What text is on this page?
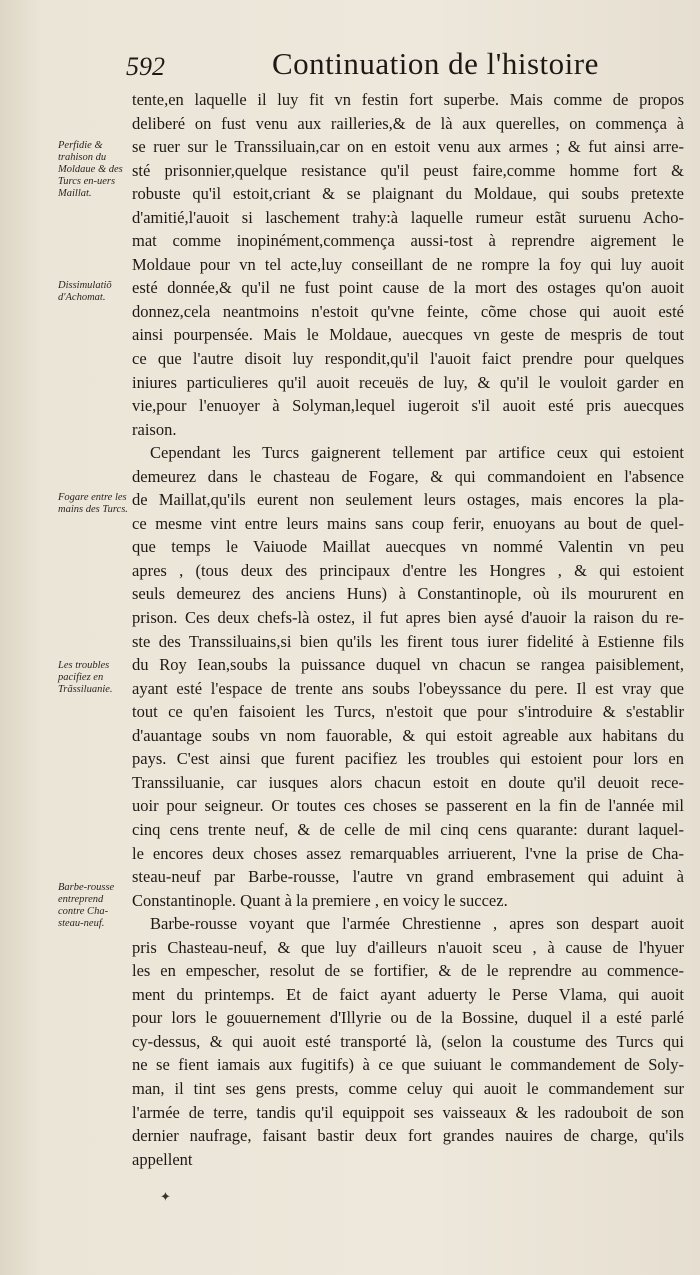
592	Continuation de l'histoire
Perfidie & trahison du Moldaue & des Turcs en-uers Maillat.
Dissimulatiõ d'Achomat.
Fogare entre les mains des Turcs.
Les troubles pacifiez en Trãssiluanie.
Barbe-rousse entreprend contre Cha-steau-neuf.
tente,en laquelle il luy fit vn festin fort superbe. Mais comme de propos
deliberé on fust venu aux railleries,& de là aux querelles, on commença à
se ruer sur le Transsiluain,car on en estoit venu aux armes ; & fut ainsi arre-
sté prisonnier,quelque resistance qu'il peust faire,comme homme fort &
robuste qu'il estoit,criant & se plaignant du Moldaue, qui soubs pretexte
d'amitié,l'auoit si laschement trahy:à laquelle rumeur estãt suruenu Acho-
mat comme inopinément,commença aussi-tost à reprendre aigrement le
Moldaue pour vn tel acte,luy conseillant de ne rompre la foy qui luy auoit
esté donnée,& qu'il ne fust point cause de la mort des ostages qu'on auoit
donnez,cela neantmoins n'estoit qu'vne feinte, cõme chose qui auoit esté
ainsi pourpensée. Mais le Moldaue, auecques vn geste de mespris de tout
ce que l'autre disoit luy respondit,qu'il l'auoit faict prendre pour quelques
iniures particulieres qu'il auoit receuës de luy, & qu'il le vouloit garder en
vie,pour l'enuoyer à Solyman,lequel iugeroit s'il auoit esté pris auecques
raison.
Cependant les Turcs gaignerent tellement par artifice ceux qui estoient
demeurez dans le chasteau de Fogare, & qui commandoient en l'absence
de Maillat,qu'ils eurent non seulement leurs ostages, mais encores la pla-
ce mesme vint entre leurs mains sans coup ferir, enuoyans au bout de quel-
que temps le Vaiuode Maillat auecques vn nommé Valentin vn peu
apres , (tous deux des principaux d'entre les Hongres , & qui estoient
seuls demeurez des anciens Huns) à Constantinople, où ils moururent en
prison. Ces deux chefs-là ostez, il fut apres bien aysé d'auoir la raison du re-
ste des Transsiluains,si bien qu'ils les firent tous iurer fidelité à Estienne fils
du Roy Iean,soubs la puissance duquel vn chacun se rangea paisiblement,
ayant esté l'espace de trente ans soubs l'obeyssance du pere. Il est vray que
tout ce qu'en faisoient les Turcs, n'estoit que pour s'introduire & s'establir
d'auantage soubs vn nom fauorable, & qui estoit agreable aux habitans du
pays. C'est ainsi que furent pacifiez les troubles qui estoient pour lors en
Transsiluanie, car iusques alors chacun estoit en doute qu'il deuoit rece-
uoir pour seigneur. Or toutes ces choses se passerent en la fin de l'année mil
cinq cens trente neuf, & de celle de mil cinq cens quarante: durant laquel-
le encores deux choses assez remarquables arriuerent, l'vne la prise de Cha-
steau-neuf par Barbe-rousse, l'autre vn grand embrasement qui aduint à
Constantinople. Quant à la premiere , en voicy le succez.
Barbe-rousse voyant que l'armée Chrestienne , apres son despart auoit
pris Chasteau-neuf, & que luy d'ailleurs n'auoit sceu , à cause de l'hyuer
les en empescher, resolut de se fortifier, & de le reprendre au commence-
ment du printemps. Et de faict ayant aduerty le Perse Vlama, qui auoit
pour lors le gouuernement d'Illyrie ou de la Bossine, duquel il a esté parlé
cy-dessus, & qui auoit esté transporté là, (selon la coustume des Turcs qui
ne se fient iamais aux fugitifs) à ce que suiuant le commandement de Soly-
man, il tint ses gens prests, comme celuy qui auoit le commandement sur
l'armée de terre, tandis qu'il equippoit ses vaisseaux & les radouboit de son
dernier naufrage, faisant bastir deux fort grandes nauires de charge, qu'ils
appellent
✦
